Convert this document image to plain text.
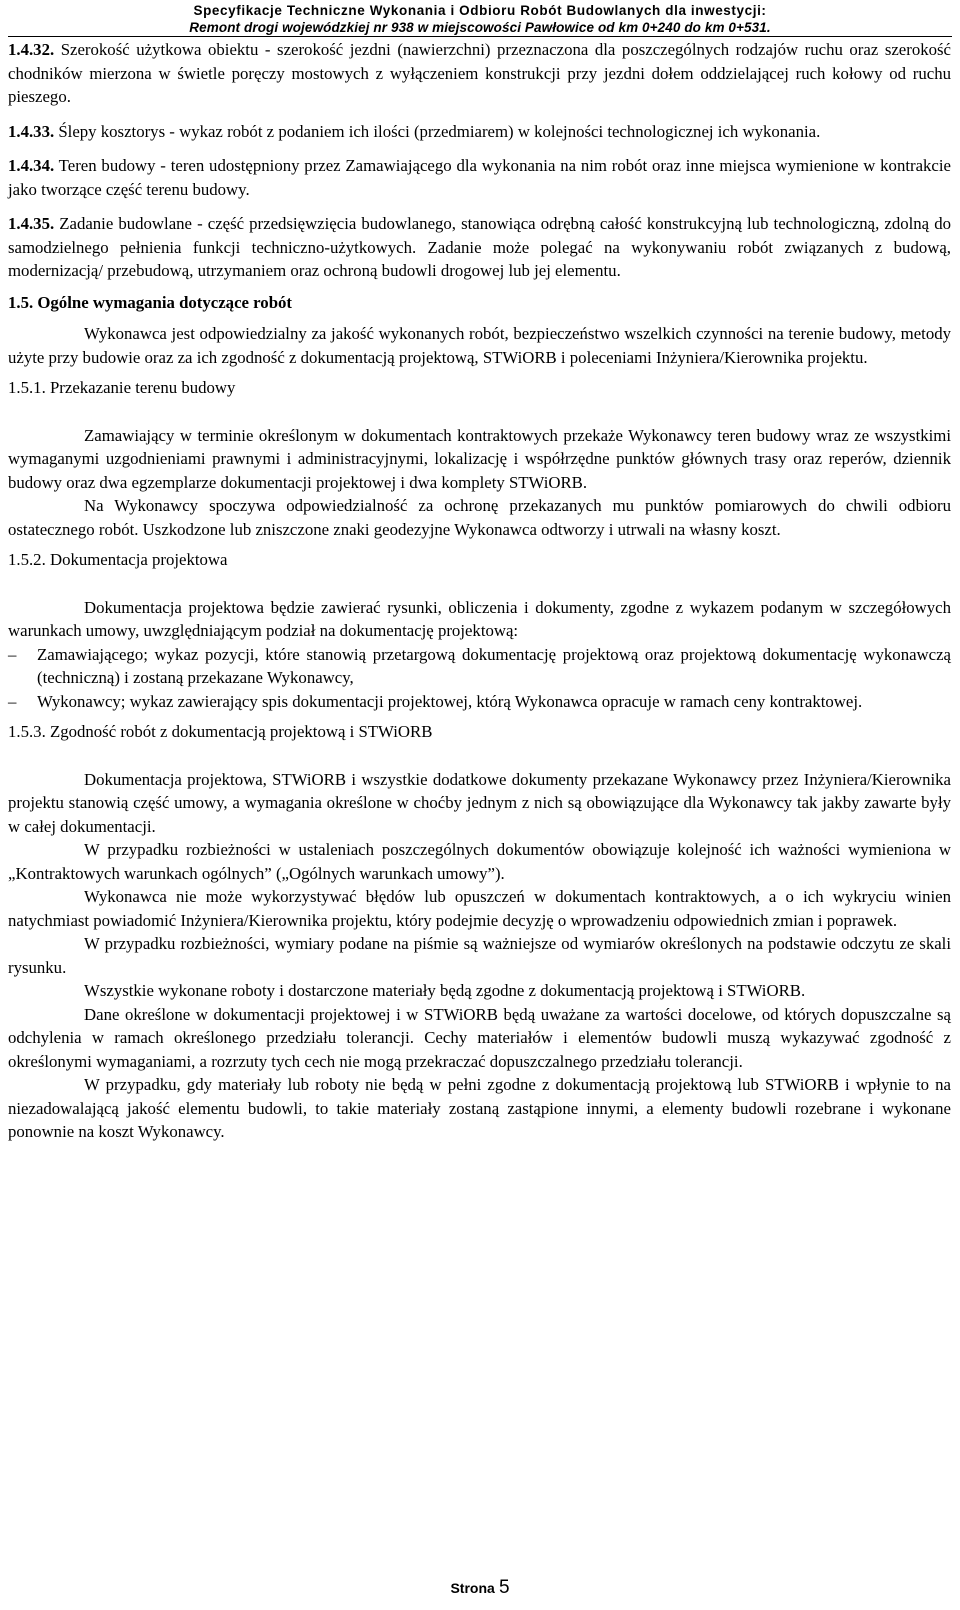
Specyfikacje Techniczne Wykonania i Odbioru Robót Budowlanych dla inwestycji:
Remont drogi wojewódzkiej nr 938 w miejscowości Pawłowice od km 0+240 do km 0+531.

1.4.32. Szerokość użytkowa obiektu - szerokość jezdni (nawierzchni) przeznaczona dla poszczególnych rodzajów ruchu oraz szerokość chodników mierzona w świetle poręczy mostowych z wyłączeniem konstrukcji przy jezdni dołem oddzielającej ruch kołowy od ruchu pieszego.

1.4.33. Ślepy kosztorys - wykaz robót z podaniem ich ilości (przedmiarem) w kolejności technologicznej ich wykonania.

1.4.34. Teren budowy - teren udostępniony przez Zamawiającego dla wykonania na nim robót oraz inne miejsca wymienione w kontrakcie jako tworzące część terenu budowy.

1.4.35. Zadanie budowlane - część przedsięwzięcia budowlanego, stanowiąca odrębną całość konstrukcyjną lub technologiczną, zdolną do samodzielnego pełnienia funkcji techniczno-użytkowych. Zadanie może polegać na wykonywaniu robót związanych z budową, modernizacją/ przebudową, utrzymaniem oraz ochroną budowli drogowej lub jej elementu.

1.5. Ogólne wymagania dotyczące robót

Wykonawca jest odpowiedzialny za jakość wykonanych robót, bezpieczeństwo wszelkich czynności na terenie budowy, metody użyte przy budowie oraz za ich zgodność z dokumentacją projektową, STWiORB i poleceniami Inżyniera/Kierownika projektu.

1.5.1. Przekazanie terenu budowy

Zamawiający w terminie określonym w dokumentach kontraktowych przekaże Wykonawcy teren budowy wraz ze wszystkimi wymaganymi uzgodnieniami prawnymi i administracyjnymi, lokalizację i współrzędne punktów głównych trasy oraz reperów, dziennik budowy oraz dwa egzemplarze dokumentacji projektowej i dwa komplety STWiORB.

Na Wykonawcy spoczywa odpowiedzialność za ochronę przekazanych mu punktów pomiarowych do chwili odbioru ostatecznego robót. Uszkodzone lub zniszczone znaki geodezyjne Wykonawca odtworzy i utrwali na własny koszt.

1.5.2. Dokumentacja projektowa

Dokumentacja projektowa będzie zawierać rysunki, obliczenia i dokumenty, zgodne z wykazem podanym w szczegółowych warunkach umowy, uwzględniającym podział na dokumentację projektową:

–	Zamawiającego; wykaz pozycji, które stanowią przetargową dokumentację projektową oraz projektową dokumentację wykonawczą (techniczną) i zostaną przekazane Wykonawcy,
–	Wykonawcy; wykaz zawierający spis dokumentacji projektowej, którą Wykonawca opracuje w ramach ceny kontraktowej.

1.5.3. Zgodność robót z dokumentacją projektową i STWiORB

Dokumentacja projektowa, STWiORB i wszystkie dodatkowe dokumenty przekazane Wykonawcy przez Inżyniera/Kierownika projektu stanowią część umowy, a wymagania określone w choćby jednym z nich są obowiązujące dla Wykonawcy tak jakby zawarte były w całej dokumentacji.

W przypadku rozbieżności w ustaleniach poszczególnych dokumentów obowiązuje kolejność ich ważności wymieniona w „Kontraktowych warunkach ogólnych” („Ogólnych warunkach umowy”).

Wykonawca nie może wykorzystywać błędów lub opuszczeń w dokumentach kontraktowych, a o ich wykryciu winien natychmiast powiadomić Inżyniera/Kierownika projektu, który podejmie decyzję o wprowadzeniu odpowiednich zmian i poprawek.

W przypadku rozbieżności, wymiary podane na piśmie są ważniejsze od wymiarów określonych na podstawie odczytu ze skali rysunku.

Wszystkie wykonane roboty i dostarczone materiały będą zgodne z dokumentacją projektową i STWiORB.

Dane określone w dokumentacji projektowej i w STWiORB będą uważane za wartości docelowe, od których dopuszczalne są odchylenia w ramach określonego przedziału tolerancji. Cechy materiałów i elementów budowli muszą wykazywać zgodność z określonymi wymaganiami, a rozrzuty tych cech nie mogą przekraczać dopuszczalnego przedziału tolerancji.

W przypadku, gdy materiały lub roboty nie będą w pełni zgodne z dokumentacją projektową lub STWiORB i wpłynie to na niezadowalającą jakość elementu budowli, to takie materiały zostaną zastąpione innymi, a elementy budowli rozebrane i wykonane ponownie na koszt Wykonawcy.

Strona 5
